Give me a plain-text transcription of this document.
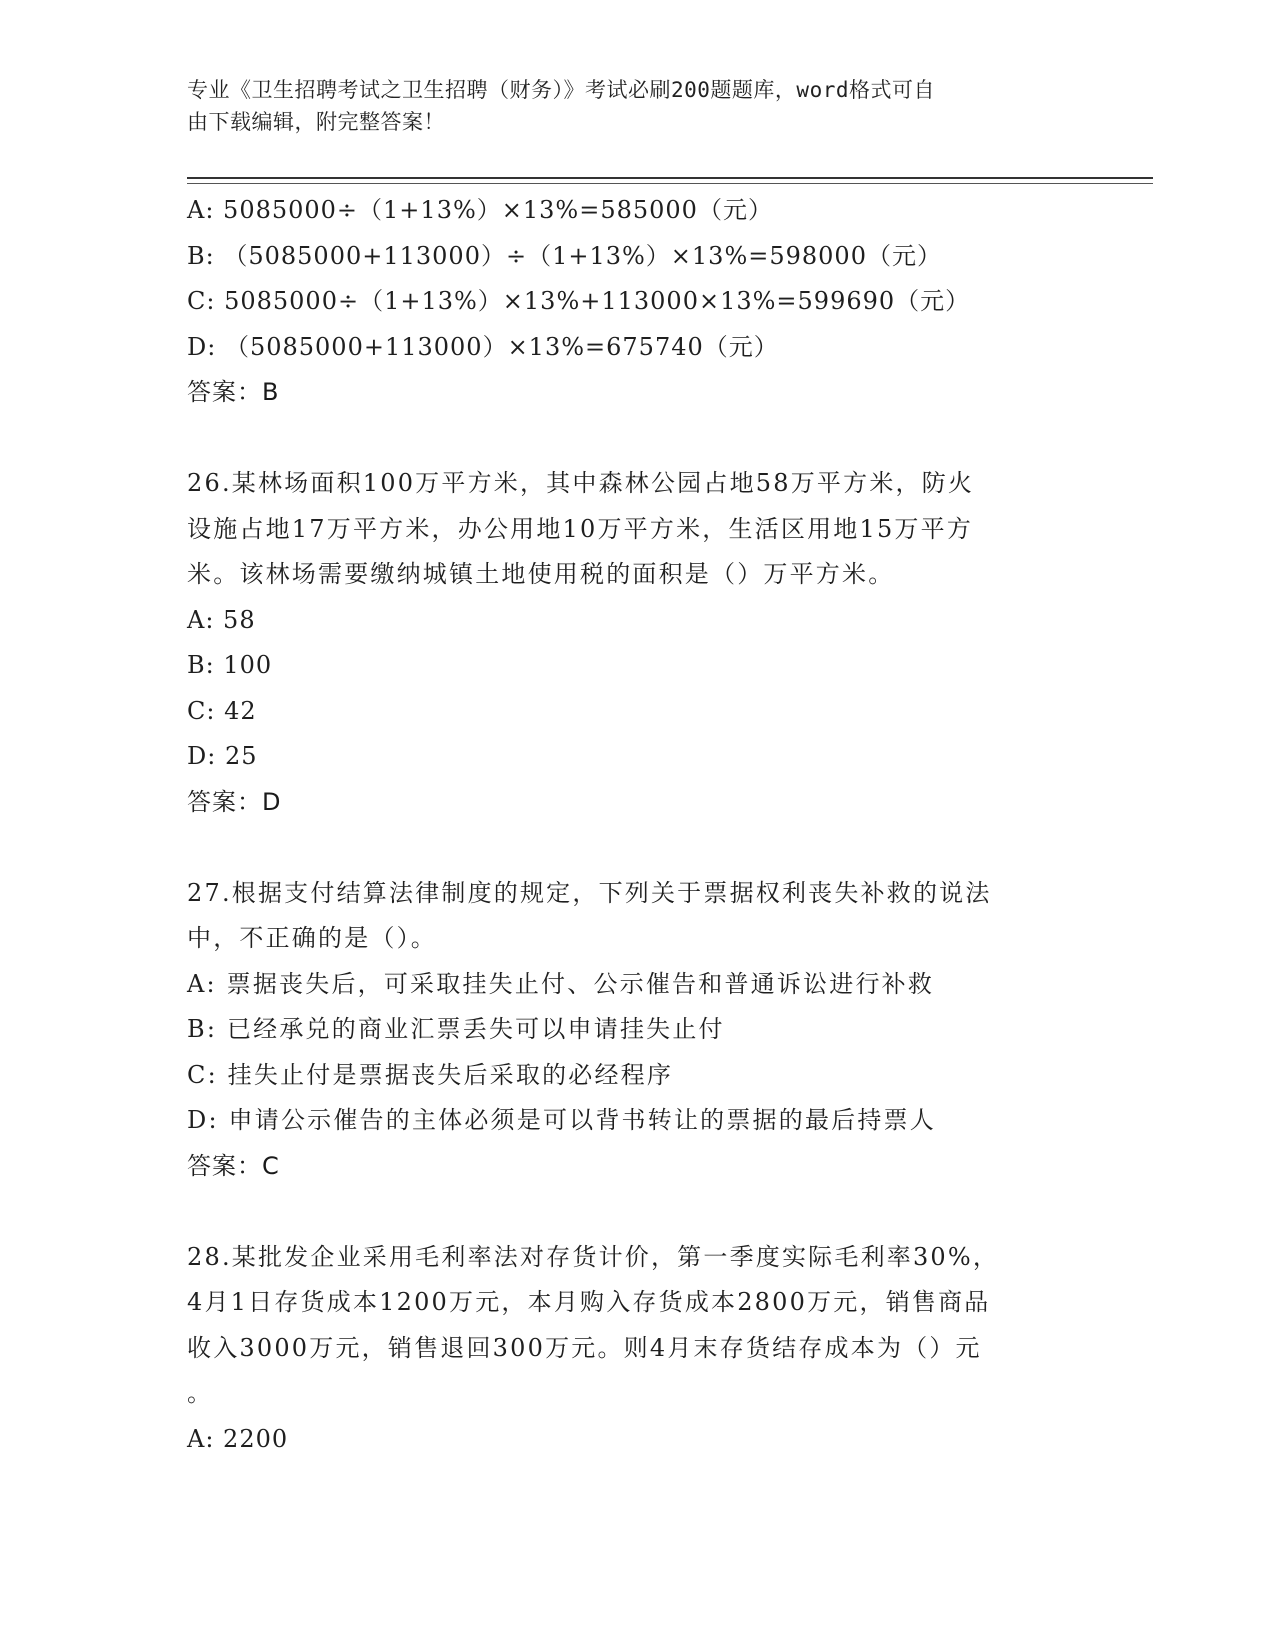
专业《卫生招聘考试之卫生招聘（财务）》考试必刷200题题库，word格式可自
由下载编辑，附完整答案！
A: 5085000÷（1+13%）×13%=585000（元）
B: （5085000+113000）÷（1+13%）×13%=598000（元）
C: 5085000÷（1+13%）×13%+113000×13%=599690（元）
D: （5085000+113000）×13%=675740（元）
答案：B
26.某林场面积100万平方米，其中森林公园占地58万平方米，防火
设施占地17万平方米，办公用地10万平方米，生活区用地15万平方
米。该林场需要缴纳城镇土地使用税的面积是（）万平方米。
A: 58
B: 100
C: 42
D: 25
答案：D
27.根据支付结算法律制度的规定，下列关于票据权利丧失补救的说法
中，不正确的是（）。
A: 票据丧失后，可采取挂失止付、公示催告和普通诉讼进行补救
B: 已经承兑的商业汇票丢失可以申请挂失止付
C: 挂失止付是票据丧失后采取的必经程序
D: 申请公示催告的主体必须是可以背书转让的票据的最后持票人
答案：C
28.某批发企业采用毛利率法对存货计价，第一季度实际毛利率30%，
4月1日存货成本1200万元，本月购入存货成本2800万元，销售商品
收入3000万元，销售退回300万元。则4月末存货结存成本为（）元
。
A: 2200
